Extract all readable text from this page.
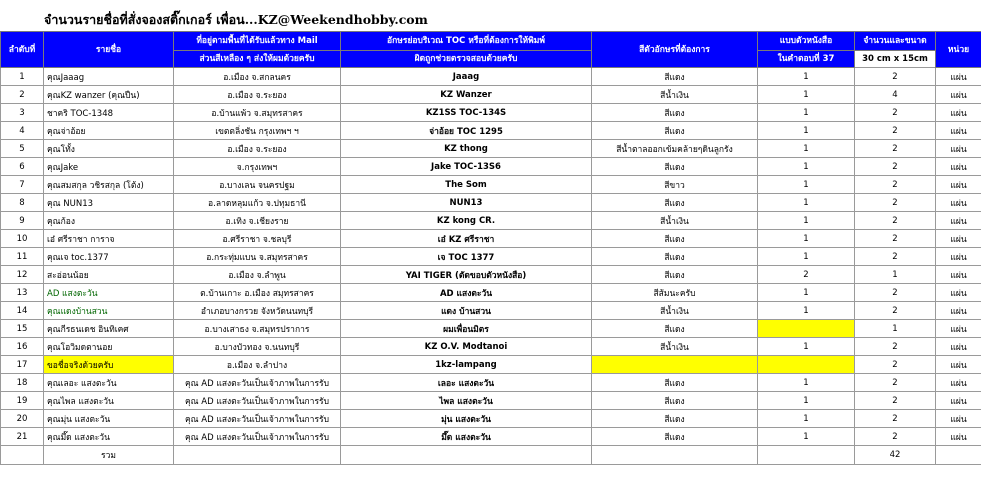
จำนวนรายชื่อที่สั่งจองสติ๊กเกอร์ เพื่อน...KZ@Weekendhobby.com
ลำดับที่	รายชื่อ	ที่อยู่ตามพื้นที่ได้รับแล้วทาง Mail	อักษรย่อบริเวณ TOC หรือที่ต้องการให้พิมพ์	สีตัวอักษรที่ต้องการ	แบบตัวหนังสือ	จำนวนและขนาด	หน่วย
		ส่วนสีเหลือง ๆ ส่งให้ผมด้วยครับ	ผิดถูกช่วยตรวจสอบด้วยครับ		ในคำตอบที่ 37	30 cm x 15cm	
1	คุณJaaag	อ.เมือง จ.สกลนคร	Jaaag	สีแดง	1	2	แผ่น
2	คุณKZ wanzer (คุณปืน)	อ.เมือง จ.ระยอง	KZ Wanzer	สีน้ำเงิน	1	4	แผ่น
3	ชาคริ TOC-1348	อ.บ้านแพ้ว จ.สมุทรสาคร	KZ1SS TOC-134S	สีแดง	1	2	แผ่น
4	คุณจ่าอ้อย	เขตตลิ่งชัน กรุงเทพฯ ฯ	จ่าอ้อย TOC 1295	สีแดง	1	2	แผ่น
5	คุณโทั้ง	อ.เมือง จ.ระยอง	KZ thong	สีน้ำตาลออกเข้มคล้ายๆดินลูกรัง	1	2	แผ่น
6	คุณJake	จ.กรุงเทพฯ	Jake TOC-13S6	สีแดง	1	2	แผ่น
7	คุณสมสกุล วชิรสกุล (โต้ง)	อ.บางเลน จนครปฐม	The Som	สีขาว	1	2	แผ่น
8	คุณ NUN13	อ.ลาดหลุมแก้ว จ.ปทุมธานี	NUN13	สีแดง	1	2	แผ่น
9	คุณก้อง	อ.เทิง จ.เชียงราย	KZ kong CR.	สีน้ำเงิน	1	2	แผ่น
10	เอ๋ ศรีราชา การาจ	อ.ศรีราชา จ.ชลบุรี	เอ๋ KZ ศรีราชา	สีแดง	1	2	แผ่น
11	คุณเจ toc.1377	อ.กระทุ่มแบน จ.สมุทรสาคร	เจ TOC 1377	สีแดง	1	2	แผ่น
12	สะอ่อนน้อย	อ.เมือง จ.ลำพูน	YAI TIGER (ตัดขอบตัวหนังสือ)	สีแดง	2	1	แผ่น
13	AD แสงตะวัน	ต.บ้านเกาะ อ.เมือง สมุทรสาคร	AD แสงตะวัน	สีส้มนะครับ	1	2	แผ่น
14	คุณแดงบ้านสวน	อำเภอบางกรวย จังหวัดนนทบุรี	แดง บ้านสวน	สีน้ำเงิน	1	2	แผ่น
15	คุณกีรธนเดช อินทิเคศ	อ.บางเสาธง จ.สมุทรปราการ	ผมเพื่อนมิตร	สีแดง		1	แผ่น
16	คุณโอวิมดตานอย	อ.บางบัวทอง จ.นนทบุรี	KZ O.V. Modtanoi	สีน้ำเงิน	1	2	แผ่น
17	ขอชื่อจริงด้วยครับ	อ.เมือง จ.ลำปาง	1kz-lampang			2	แผ่น
18	คุณเลอะ แสงตะวัน	คุณ AD แสงตะวันเป็นเจ้าภาพในการรับ	เลอะ แสงตะวัน	สีแดง	1	2	แผ่น
19	คุณไพล แสงตะวัน	คุณ AD แสงตะวันเป็นเจ้าภาพในการรับ	ไพล แสงตะวัน	สีแดง	1	2	แผ่น
20	คุณมุ่น แสงตะวัน	คุณ AD แสงตะวันเป็นเจ้าภาพในการรับ	มุ่น แสงตะวัน	สีแดง	1	2	แผ่น
21	คุณมึ๊ด แสงตะวัน	คุณ AD แสงตะวันเป็นเจ้าภาพในการรับ	มึ๊ด แสงตะวัน	สีแดง	1	2	แผ่น
	รวม					42	
